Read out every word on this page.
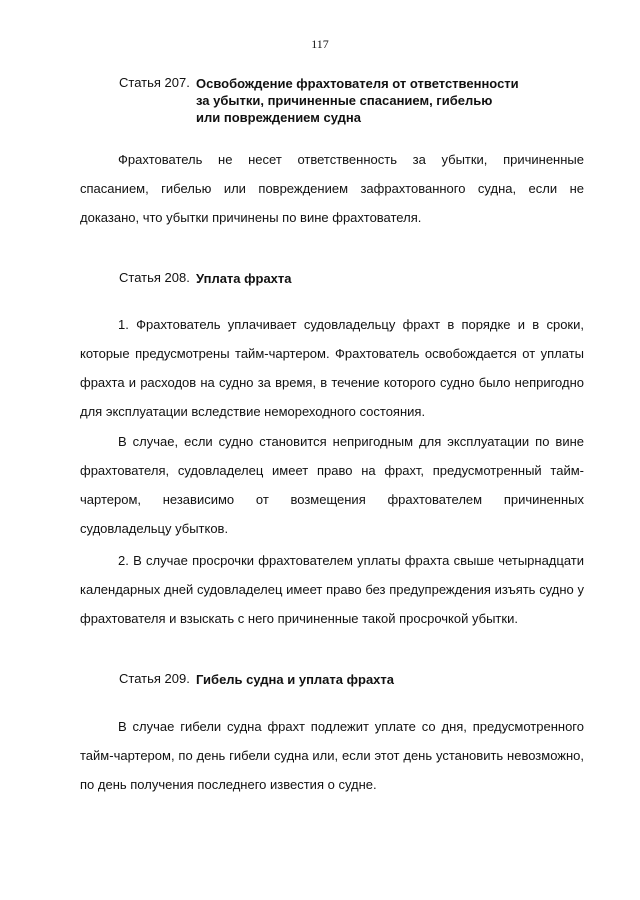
117
Статья 207. Освобождение фрахтователя от ответственности
за убытки, причиненные спасанием, гибелью
или повреждением судна

Фрахтователь не несет ответственность за убытки, причиненные спасанием, гибелью или повреждением зафрахтованного судна, если не доказано, что убытки причинены по вине фрахтователя.

Статья 208. Уплата фрахта

1. Фрахтователь уплачивает судовладельцу фрахт в порядке и в сроки, которые предусмотрены тайм-чартером. Фрахтователь освобождается от уплаты фрахта и расходов на судно за время, в течение которого судно было непригодно для эксплуатации вследствие немореходного состояния.

В случае, если судно становится непригодным для эксплуатации по вине фрахтователя, судовладелец имеет право на фрахт, предусмотренный тайм-чартером, независимо от возмещения фрахтователем причиненных судовладельцу убытков.

2. В случае просрочки фрахтователем уплаты фрахта свыше четырнадцати календарных дней судовладелец имеет право без предупреждения изъять судно у фрахтователя и взыскать с него причиненные такой просрочкой убытки.

Статья 209. Гибель судна и уплата фрахта

В случае гибели судна фрахт подлежит уплате со дня, предусмотренного тайм-чартером, по день гибели судна или, если этот день установить невозможно, по день получения последнего известия о судне.
